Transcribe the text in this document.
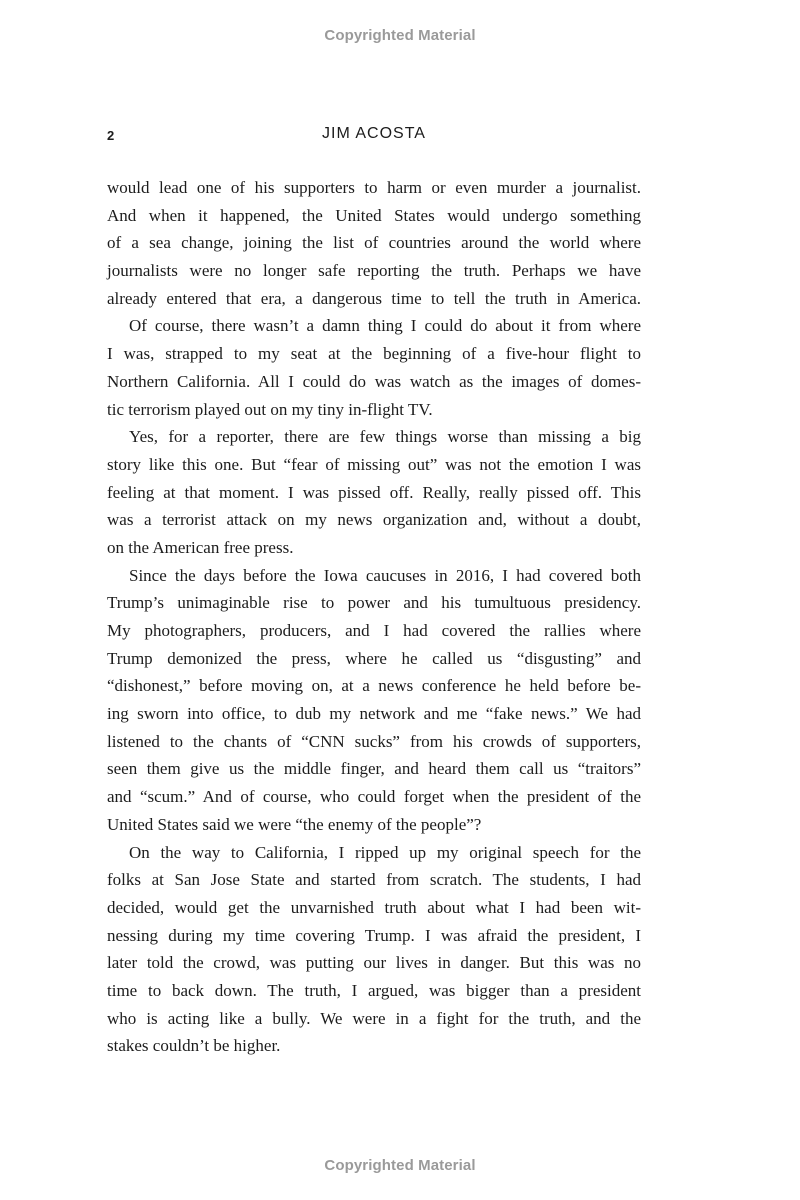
Copyrighted Material
2	JIM ACOSTA
would lead one of his supporters to harm or even murder a journalist.
And when it happened, the United States would undergo something
of a sea change, joining the list of countries around the world where
journalists were no longer safe reporting the truth. Perhaps we have
already entered that era, a dangerous time to tell the truth in America.
Of course, there wasn’t a damn thing I could do about it from where
I was, strapped to my seat at the beginning of a five-hour flight to
Northern California. All I could do was watch as the images of domes-
tic terrorism played out on my tiny in-flight TV.
Yes, for a reporter, there are few things worse than missing a big
story like this one. But “fear of missing out” was not the emotion I was
feeling at that moment. I was pissed off. Really, really pissed off. This
was a terrorist attack on my news organization and, without a doubt,
on the American free press.
Since the days before the Iowa caucuses in 2016, I had covered both
Trump’s unimaginable rise to power and his tumultuous presidency.
My photographers, producers, and I had covered the rallies where
Trump demonized the press, where he called us “disgusting” and
“dishonest,” before moving on, at a news conference he held before be-
ing sworn into office, to dub my network and me “fake news.” We had
listened to the chants of “CNN sucks” from his crowds of supporters,
seen them give us the middle finger, and heard them call us “traitors”
and “scum.” And of course, who could forget when the president of the
United States said we were “the enemy of the people”?
On the way to California, I ripped up my original speech for the
folks at San Jose State and started from scratch. The students, I had
decided, would get the unvarnished truth about what I had been wit-
nessing during my time covering Trump. I was afraid the president, I
later told the crowd, was putting our lives in danger. But this was no
time to back down. The truth, I argued, was bigger than a president
who is acting like a bully. We were in a fight for the truth, and the
stakes couldn’t be higher.
Copyrighted Material
